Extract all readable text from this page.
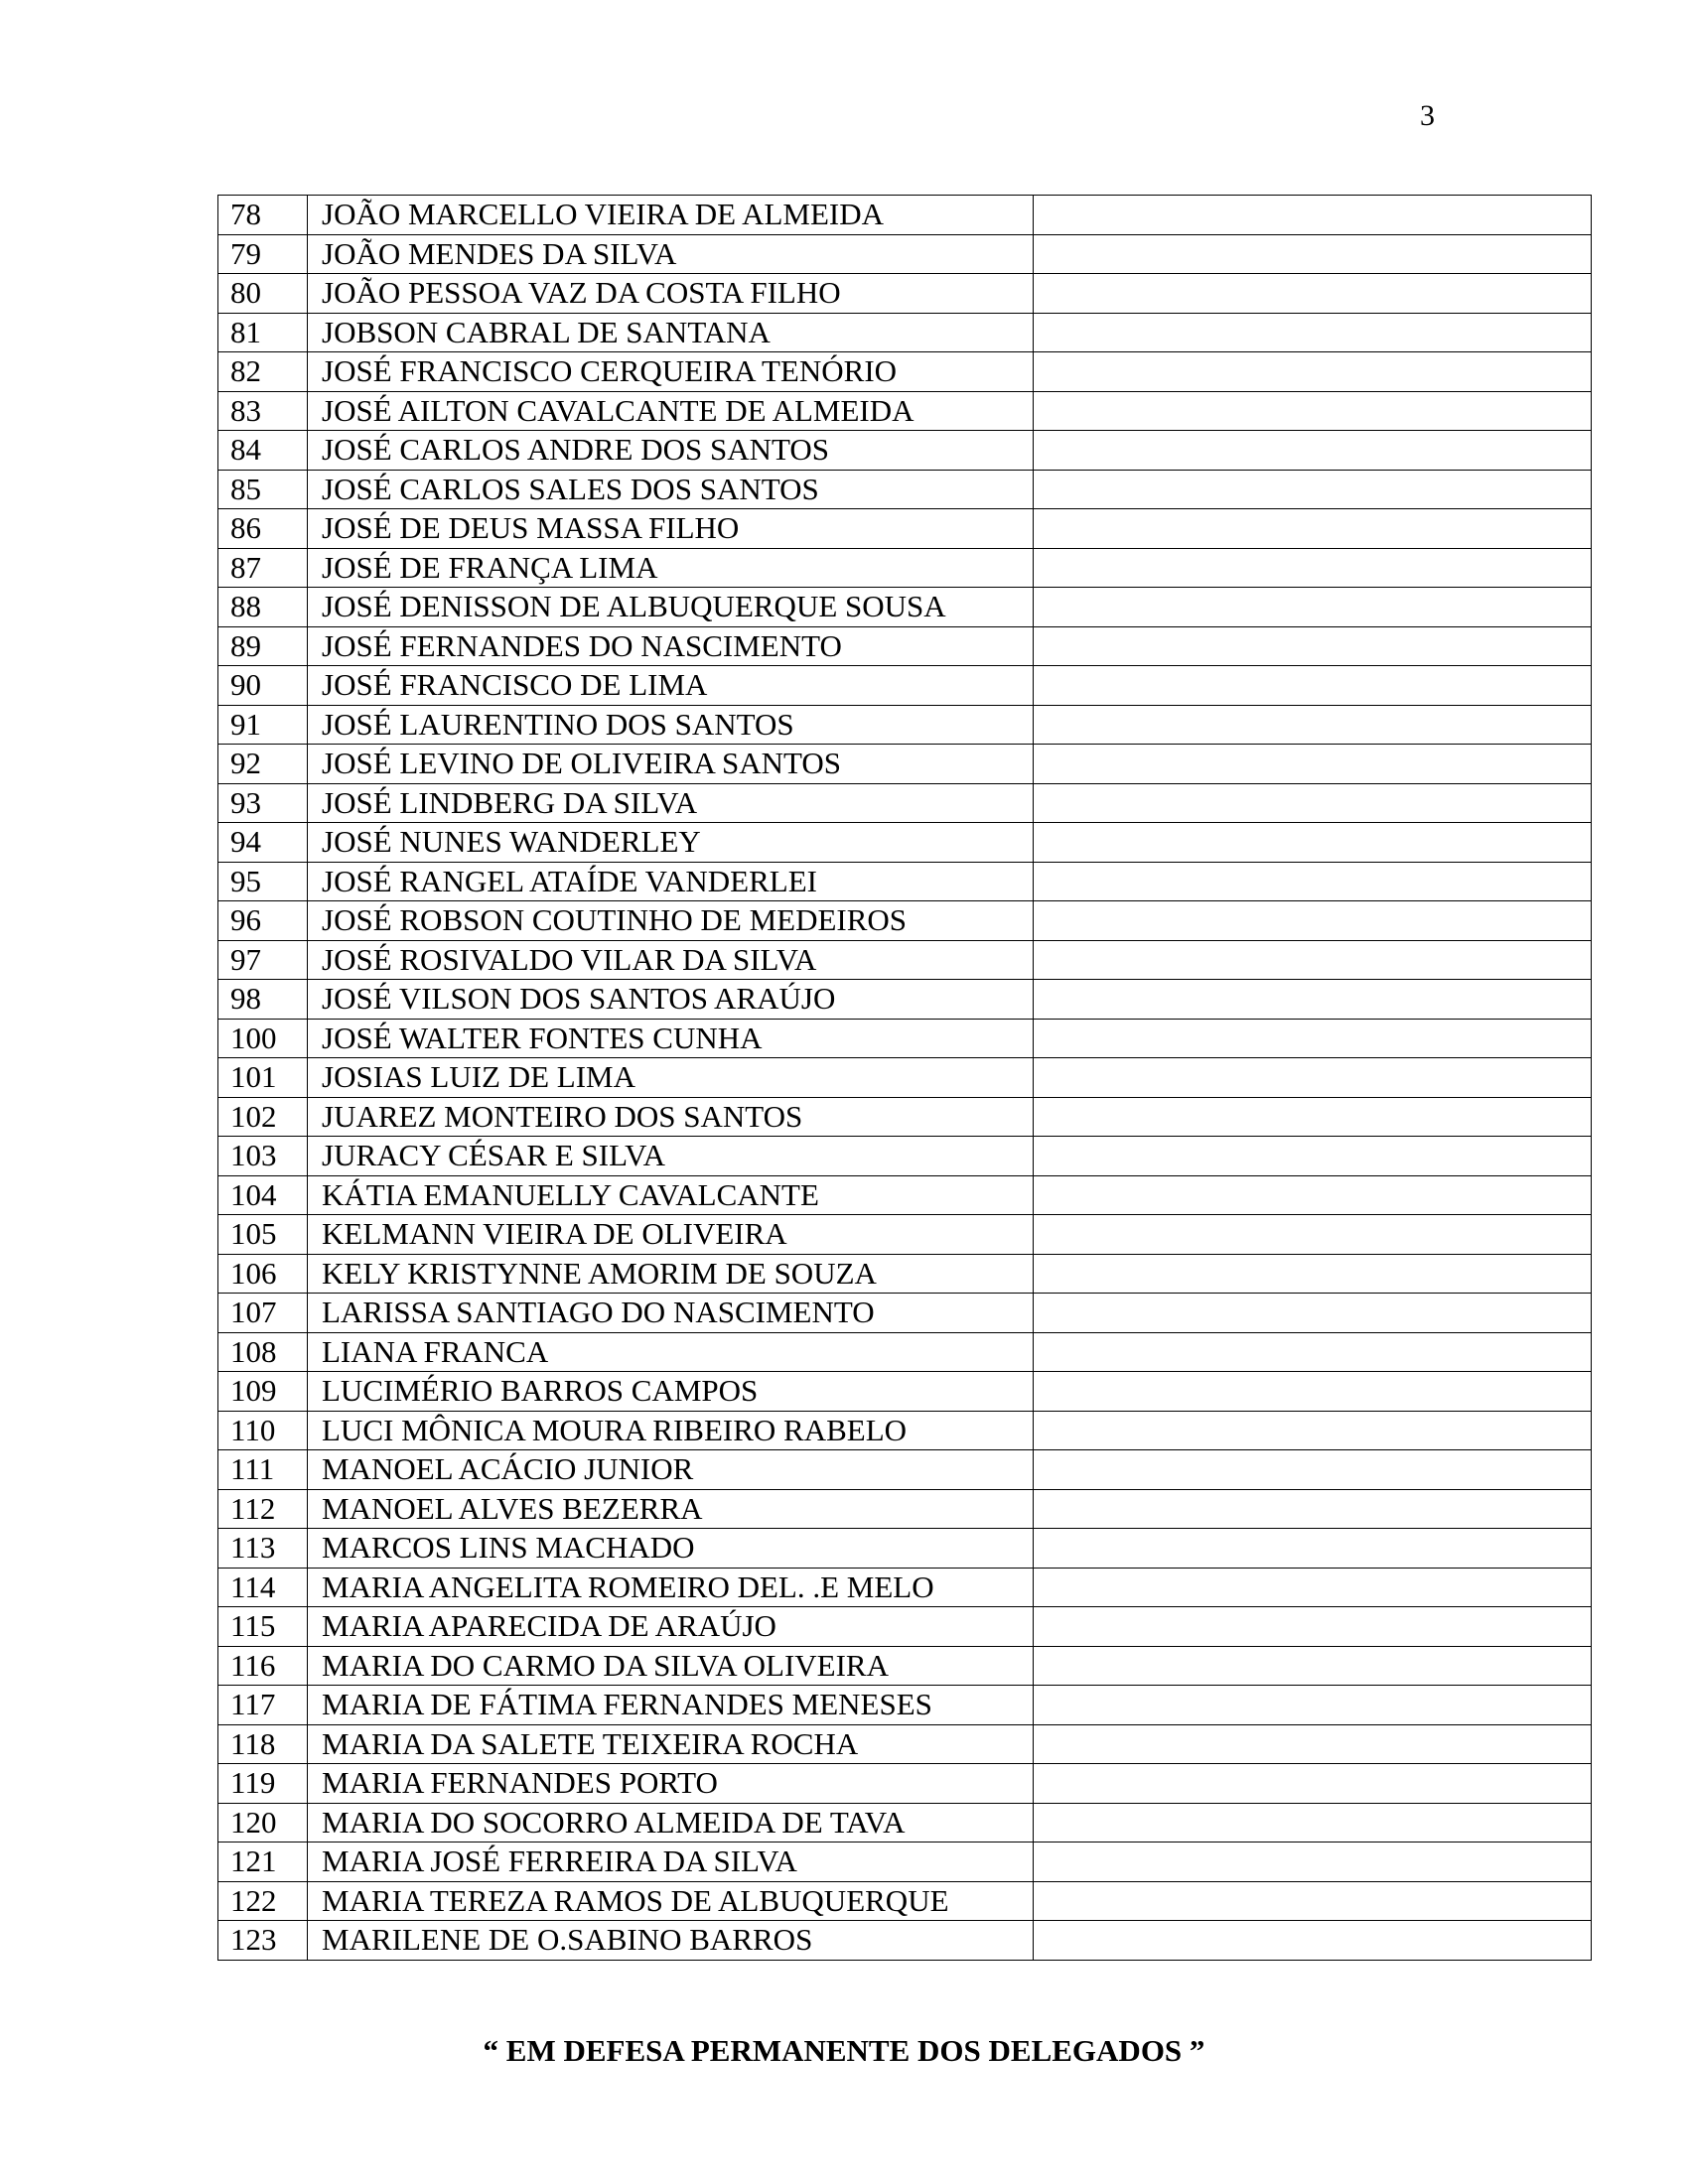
3
78	JOÃO MARCELLO VIEIRA DE ALMEIDA	
79	JOÃO MENDES DA SILVA	
80	JOÃO PESSOA VAZ DA COSTA FILHO	
81	JOBSON CABRAL DE SANTANA	
82	JOSÉ FRANCISCO CERQUEIRA TENÓRIO	
83	JOSÉ AILTON CAVALCANTE DE ALMEIDA	
84	JOSÉ CARLOS ANDRE DOS SANTOS	
85	JOSÉ CARLOS SALES DOS SANTOS	
86	JOSÉ DE DEUS MASSA FILHO	
87	JOSÉ DE FRANÇA LIMA	
88	JOSÉ DENISSON DE ALBUQUERQUE SOUSA	
89	JOSÉ FERNANDES DO NASCIMENTO	
90	JOSÉ FRANCISCO DE LIMA	
91	JOSÉ LAURENTINO DOS SANTOS	
92	JOSÉ LEVINO DE OLIVEIRA SANTOS	
93	JOSÉ LINDBERG DA SILVA	
94	JOSÉ NUNES WANDERLEY	
95	JOSÉ RANGEL ATAÍDE VANDERLEI	
96	JOSÉ ROBSON COUTINHO DE MEDEIROS	
97	JOSÉ ROSIVALDO VILAR DA SILVA	
98	JOSÉ VILSON DOS SANTOS ARAÚJO	
100	JOSÉ WALTER FONTES CUNHA	
101	JOSIAS LUIZ DE LIMA	
102	JUAREZ MONTEIRO DOS SANTOS	
103	JURACY CÉSAR E SILVA	
104	KÁTIA EMANUELLY CAVALCANTE	
105	KELMANN VIEIRA DE OLIVEIRA	
106	KELY KRISTYNNE AMORIM DE SOUZA	
107	LARISSA SANTIAGO DO NASCIMENTO	
108	LIANA FRANCA	
109	LUCIMÉRIO BARROS CAMPOS	
110	LUCI MÔNICA MOURA RIBEIRO RABELO	
111	MANOEL ACÁCIO JUNIOR	
112	MANOEL ALVES BEZERRA	
113	MARCOS LINS MACHADO	
114	MARIA ANGELITA ROMEIRO DEL. .E MELO	
115	MARIA APARECIDA DE ARAÚJO	
116	MARIA DO CARMO DA SILVA OLIVEIRA	
117	MARIA DE FÁTIMA FERNANDES MENESES	
118	MARIA DA SALETE TEIXEIRA ROCHA	
119	MARIA FERNANDES PORTO	
120	MARIA DO SOCORRO ALMEIDA DE TAVA	
121	MARIA JOSÉ FERREIRA DA SILVA	
122	MARIA TEREZA RAMOS DE ALBUQUERQUE	
123	MARILENE DE O.SABINO BARROS	
“ EM DEFESA PERMANENTE DOS DELEGADOS ”
